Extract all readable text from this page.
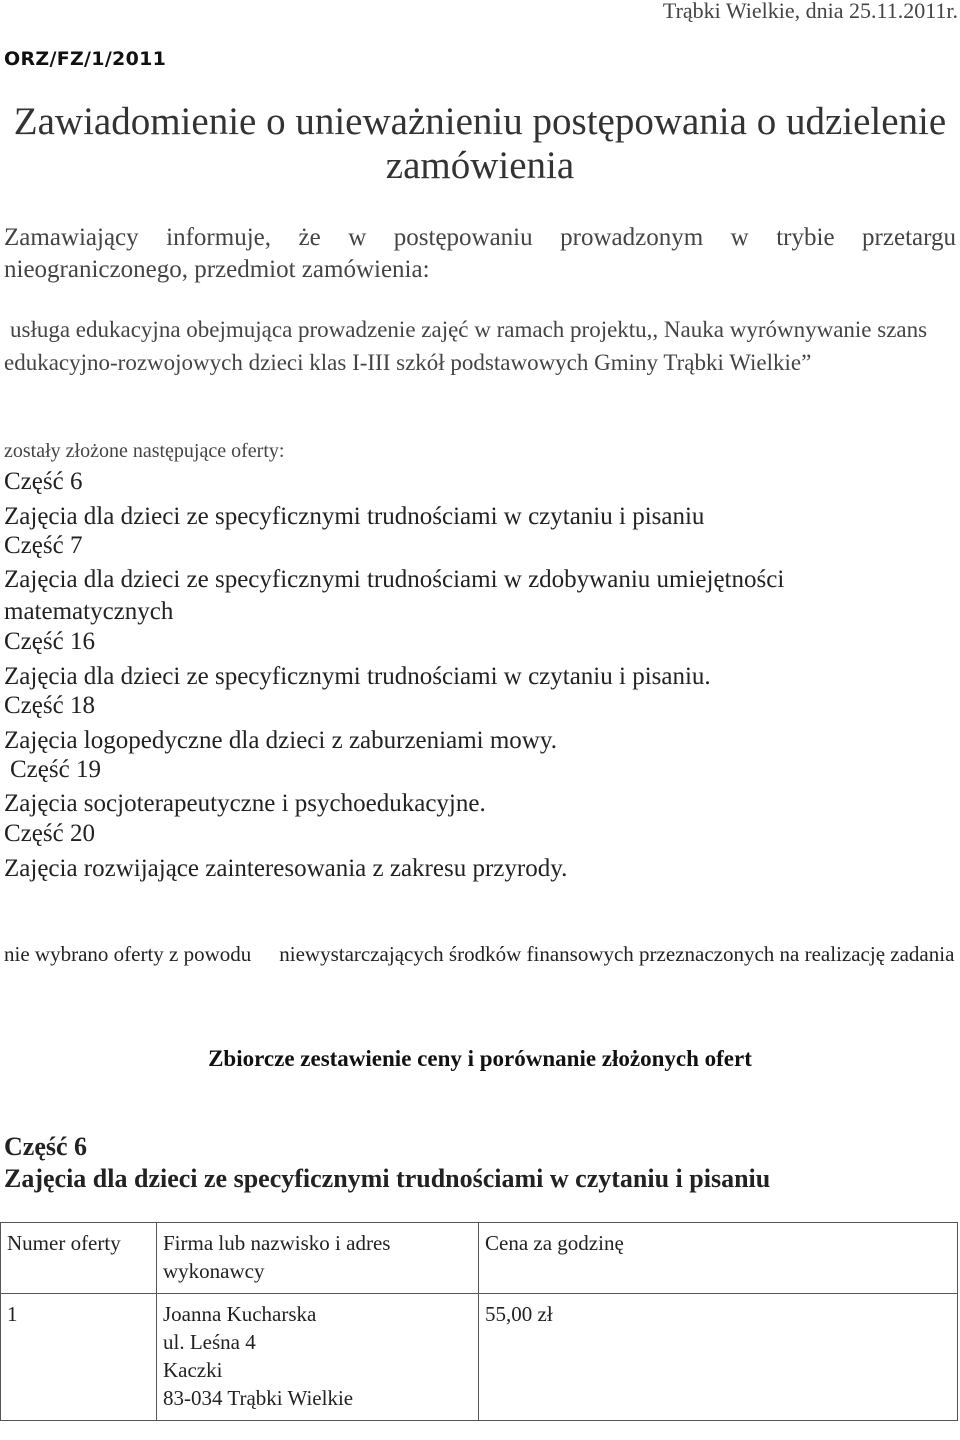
Trąbki Wielkie, dnia 25.11.2011r.
ORZ/FZ/1/2011
Zawiadomienie o unieważnieniu postępowania o udzielenie zamówienia
Zamawiający informuje, że w postępowaniu prowadzonym w trybie przetargu nieograniczonego, przedmiot zamówienia:
usługa edukacyjna obejmująca prowadzenie zajęć w ramach projektu,, Nauka wyrównywanie szans edukacyjno-rozwojowych dzieci klas I-III szkół podstawowych Gminy Trąbki Wielkie”
zostały złożone następujące oferty:
Część 6
Zajęcia dla dzieci ze specyficznymi trudnościami w czytaniu i pisaniu
Część 7
Zajęcia dla dzieci ze specyficznymi trudnościami w zdobywaniu umiejętności matematycznych
Część 16
Zajęcia dla dzieci ze specyficznymi trudnościami w czytaniu i pisaniu.
Część 18
Zajęcia logopedyczne dla dzieci z zaburzeniami mowy.
Część 19
Zajęcia socjoterapeutyczne i psychoedukacyjne.
Część 20
Zajęcia rozwijające zainteresowania z zakresu przyrody.
nie wybrano oferty z powodu niewystarczających środków finansowych przeznaczonych na realizację zadania
Zbiorcze zestawienie ceny i porównanie złożonych ofert
Część 6
Zajęcia dla dzieci ze specyficznymi trudnościami w czytaniu i pisaniu
Numer oferty	Firma lub nazwisko i adres wykonawcy	Cena za godzinę
1	Joanna Kucharska
ul. Leśna 4
Kaczki
83-034 Trąbki Wielkie	55,00 zł
